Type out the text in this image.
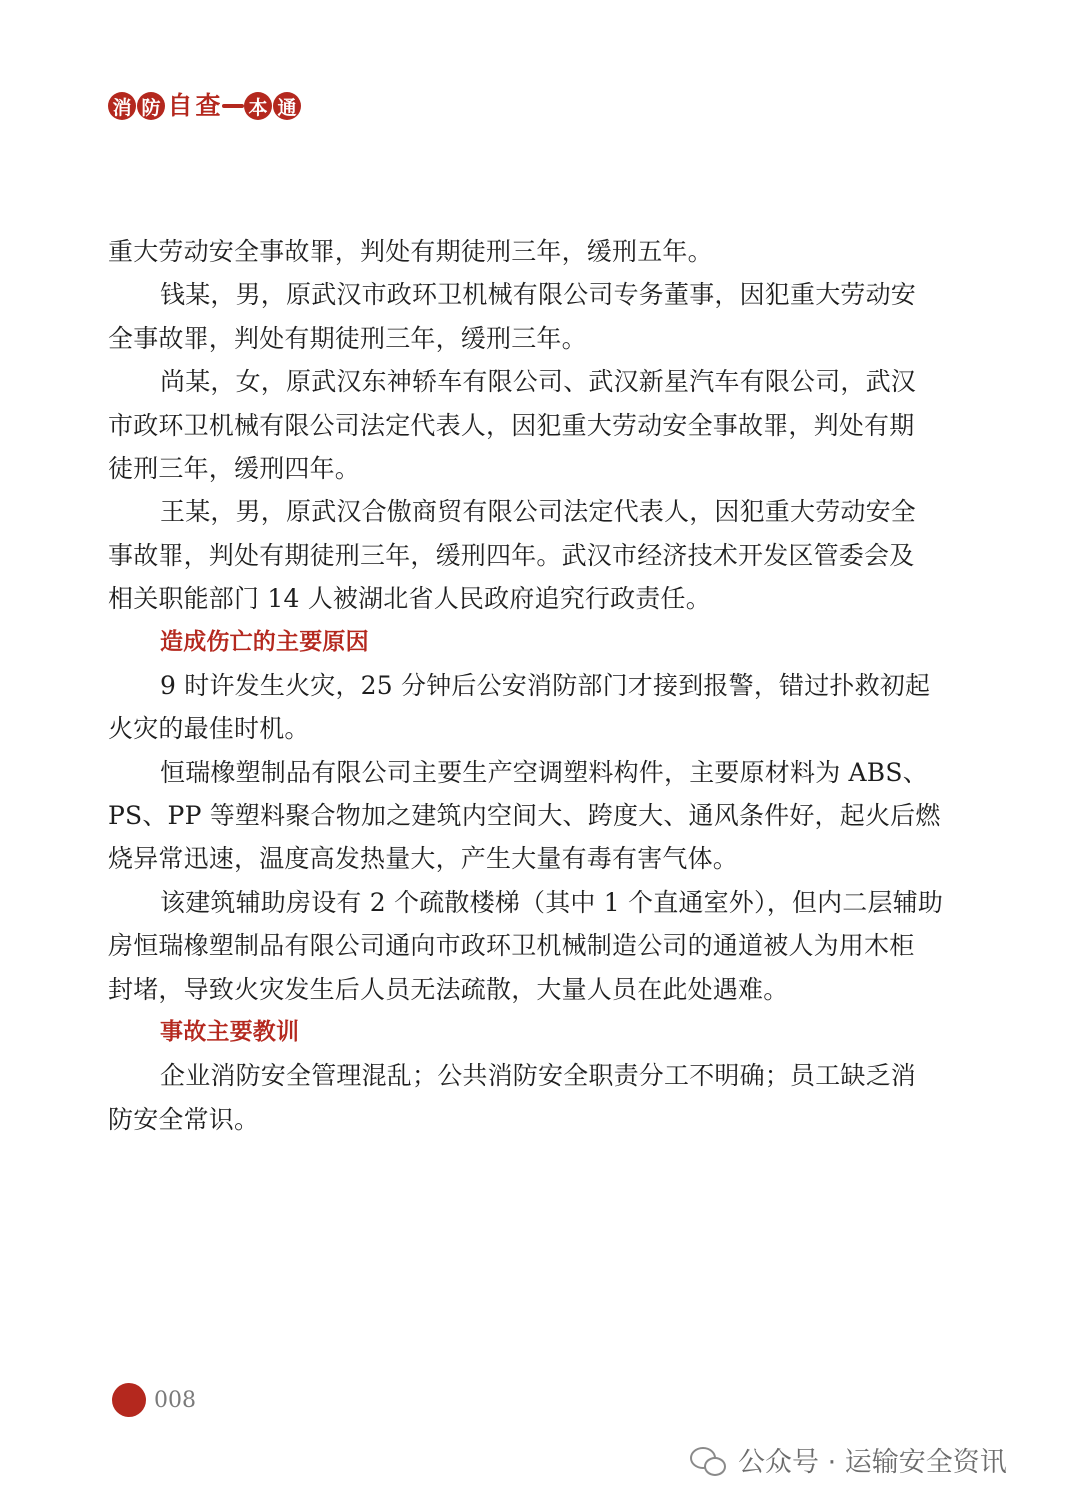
消 防 自 查 本 通
重大劳动安全事故罪，判处有期徒刑三年，缓刑五年。
钱某，男，原武汉市政环卫机械有限公司专务董事，因犯重大劳动安
全事故罪，判处有期徒刑三年，缓刑三年。
尚某，女，原武汉东神轿车有限公司、武汉新星汽车有限公司，武汉
市政环卫机械有限公司法定代表人，因犯重大劳动安全事故罪，判处有期
徒刑三年，缓刑四年。
王某，男，原武汉合傲商贸有限公司法定代表人，因犯重大劳动安全
事故罪，判处有期徒刑三年，缓刑四年。武汉市经济技术开发区管委会及
相关职能部门 14 人被湖北省人民政府追究行政责任。
造成伤亡的主要原因
9 时许发生火灾，25 分钟后公安消防部门才接到报警，错过扑救初起
火灾的最佳时机。
恒瑞橡塑制品有限公司主要生产空调塑料构件，主要原材料为 ABS、
PS、PP 等塑料聚合物加之建筑内空间大、跨度大、通风条件好，起火后燃
烧异常迅速，温度高发热量大，产生大量有毒有害气体。
该建筑辅助房设有 2 个疏散楼梯（其中 1 个直通室外），但内二层辅助
房恒瑞橡塑制品有限公司通向市政环卫机械制造公司的通道被人为用木柜
封堵，导致火灾发生后人员无法疏散，大量人员在此处遇难。
事故主要教训
企业消防安全管理混乱；公共消防安全职责分工不明确；员工缺乏消
防安全常识。
008
公众号 · 运输安全资讯
